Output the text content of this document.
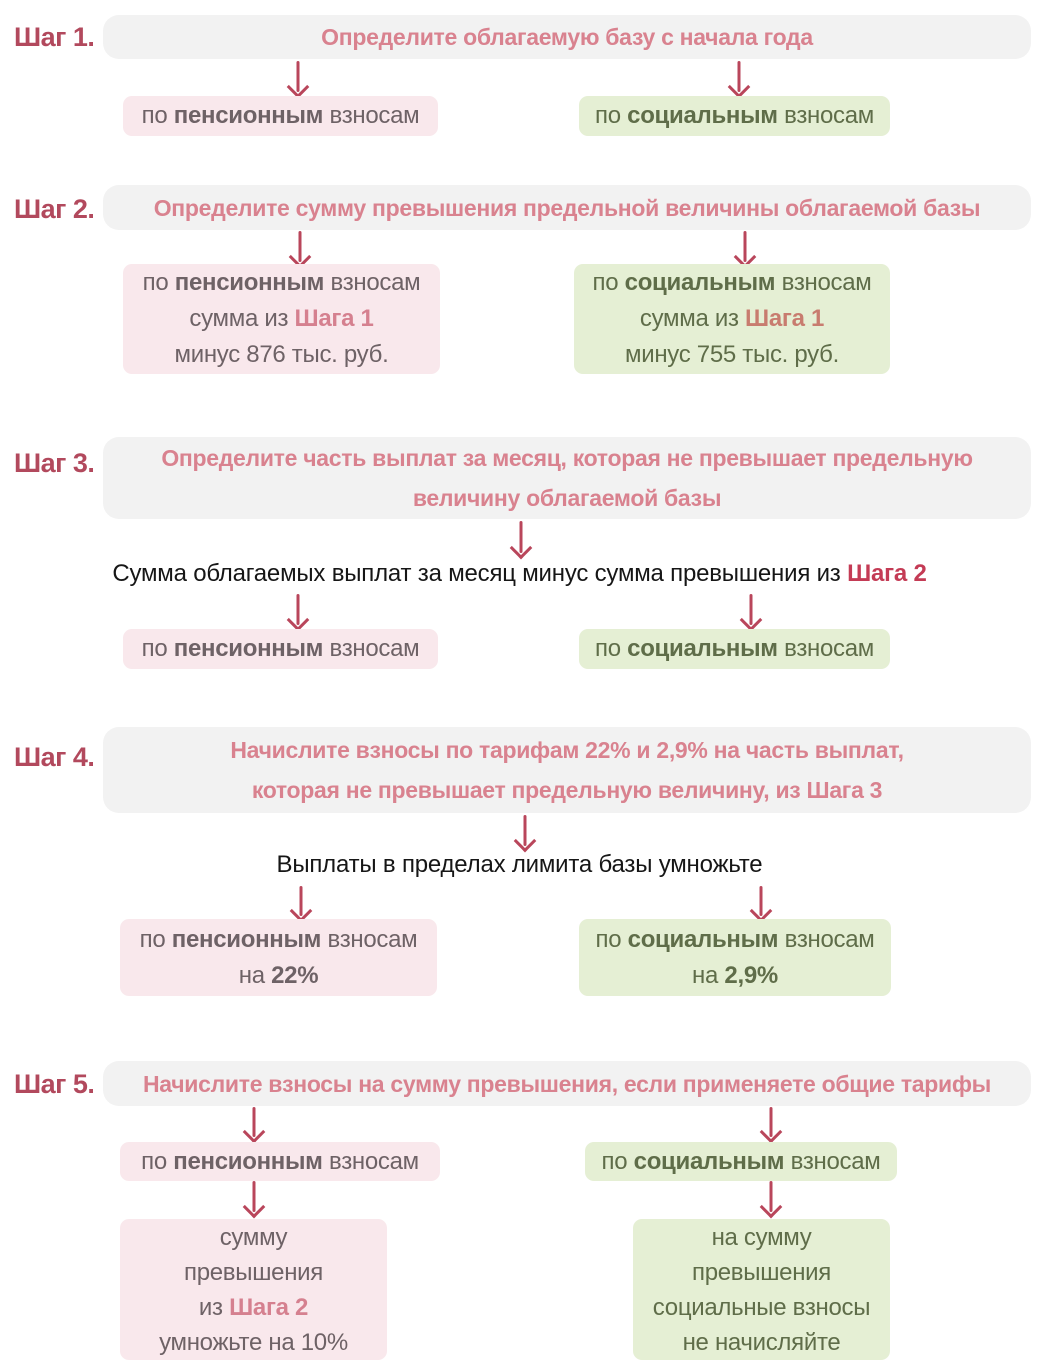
Шаг 1.	Определите облагаемую базу с начала года
по пенсионным взносам	по социальным взносам
Шаг 2.	Определите сумму превышения предельной величины облагаемой базы
по пенсионным взносам
сумма из Шага 1
минус 876 тыс. руб.
по социальным взносам
сумма из Шага 1
минус 755 тыс. руб.
Шаг 3.	Определите часть выплат за месяц, которая не превышает предельную
величину облагаемой базы
Сумма облагаемых выплат за месяц минус сумма превышения из Шага 2
по пенсионным взносам	по социальным взносам
Шаг 4.	Начислите взносы по тарифам 22% и 2,9% на часть выплат,
которая не превышает предельную величину, из Шага 3
Выплаты в пределах лимита базы умножьте
по пенсионным взносам
на 22%
по социальным взносам
на 2,9%
Шаг 5. Начислите взносы на сумму превышения, если применяете общие тарифы
по пенсионным взносам	по социальным взносам
сумму
превышения
из Шага 2
умножьте на 10%
на сумму
превышения
социальные взносы
не начисляйте
